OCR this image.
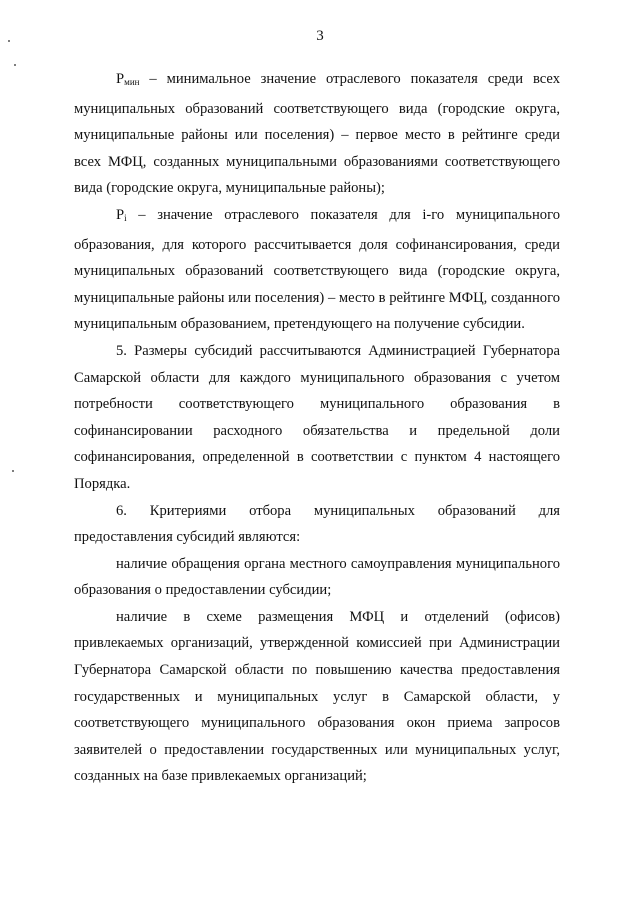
3

$P_{мин}$ – минимальное значение отраслевого показателя среди всех муниципальных образований соответствующего вида (городские округа, муниципальные районы или поселения) – первое место в рейтинге среди всех МФЦ, созданных муниципальными образованиями соответствующего вида (городские округа, муниципальные районы);

$P_i$ – значение отраслевого показателя для i-го муниципального образования, для которого рассчитывается доля софинансирования, среди муниципальных образований соответствующего вида (городские округа, муниципальные районы или поселения) – место в рейтинге МФЦ, созданного муниципальным образованием, претендующего на получение субсидии.

5. Размеры субсидий рассчитываются Администрацией Губернатора Самарской области для каждого муниципального образования с учетом потребности соответствующего муниципального образования в софинансировании расходного обязательства и предельной доли софинансирования, определенной в соответствии с пунктом 4 настоящего Порядка.

6. Критериями отбора муниципальных образований для предоставления субсидий являются:

наличие обращения органа местного самоуправления муниципального образования о предоставлении субсидии;

наличие в схеме размещения МФЦ и отделений (офисов) привлекаемых организаций, утвержденной комиссией при Администрации Губернатора Самарской области по повышению качества предоставления государственных и муниципальных услуг в Самарской области, у соответствующего муниципального образования окон приема запросов заявителей о предоставлении государственных или муниципальных услуг, созданных на базе привлекаемых организаций;
